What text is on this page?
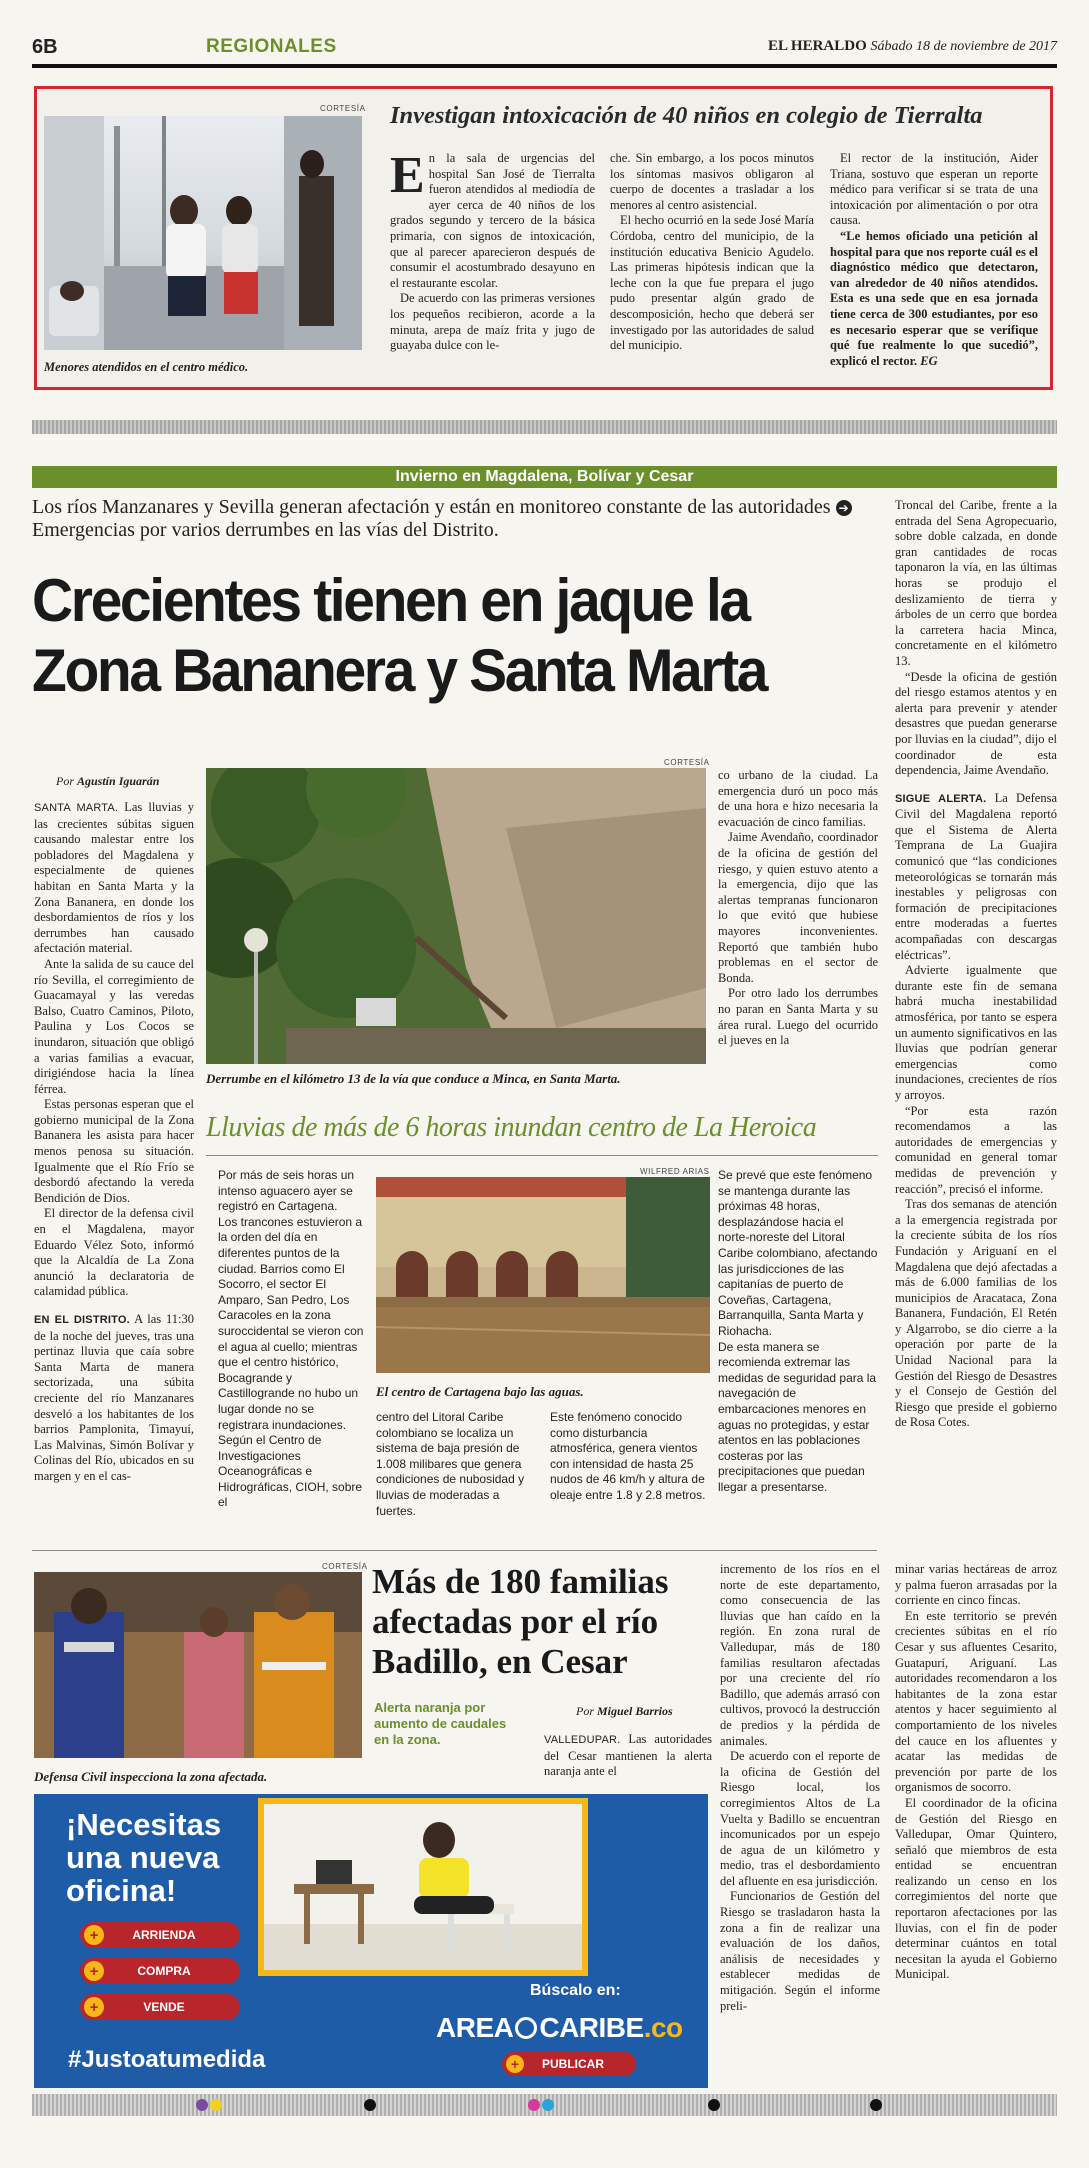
6B	REGIONALES	EL HERALDO Sábado 18 de noviembre de 2017
CORTESÍA
Menores atendidos en el centro médico.
Investigan intoxicación de 40 niños en colegio de Tierralta
E n la sala de urgencias del hospital San José de Tierralta fueron atendidos al mediodía de ayer cerca de 40 niños de los grados segundo y tercero de la básica primaria, con signos de intoxicación, que al parecer aparecieron después de consumir el acostumbrado desayuno en el restaurante escolar.

De acuerdo con las primeras versiones los pequeños recibieron, acorde a la minuta, arepa de maíz frita y jugo de guayaba dulce con le-

che. Sin embargo, a los pocos minutos los síntomas masivos obligaron al cuerpo de docentes a trasladar a los menores al centro asistencial.

El hecho ocurrió en la sede José María Córdoba, centro del municipio, de la institución educativa Benicio Agudelo. Las primeras hipótesis indican que la leche con la que fue prepara el jugo pudo presentar algún grado de descomposición, hecho que deberá ser investigado por las autoridades de salud del municipio.

El rector de la institución, Aider Triana, sostuvo que esperan un reporte médico para verificar si se trata de una intoxicación por alimentación o por otra causa.

“Le hemos oficiado una petición al hospital para que nos reporte cuál es el diagnóstico médico que detectaron, van alrededor de 40 niños atendidos. Esta es una sede que en esa jornada tiene cerca de 300 estudiantes, por eso es necesario esperar que se verifique qué fue realmente lo que sucedió”, explicó el rector. EG

Invierno en Magdalena, Bolívar y Cesar
Los ríos Manzanares y Sevilla generan afectación y están en monitoreo constante de las autoridades ➔ Emergencias por varios derrumbes en las vías del Distrito.
Crecientes tienen en jaque la Zona Bananera y Santa Marta
Por Agustín Iguarán

SANTA MARTA. Las lluvias y las crecientes súbitas siguen causando malestar entre los pobladores del Magdalena y especialmente de quienes habitan en Santa Marta y la Zona Bananera, en donde los desbordamientos de ríos y los derrumbes han causado afectación material.

Ante la salida de su cauce del río Sevilla, el corregimiento de Guacamayal y las veredas Balso, Cuatro Caminos, Piloto, Paulina y Los Cocos se inundaron, situación que obligó a varias familias a evacuar, dirigiéndose hacia la línea férrea.

Estas personas esperan que el gobierno municipal de la Zona Bananera les asista para hacer menos penosa su situación. Igualmente que el Río Frío se desbordó afectando la vereda Bendición de Dios.

El director de la defensa civil en el Magdalena, mayor Eduardo Vélez Soto, informó que la Alcaldía de La Zona anunció la declaratoria de calamidad pública.

EN EL DISTRITO. A las 11:30 de la noche del jueves, tras una pertinaz lluvia que caía sobre Santa Marta de manera sectorizada, una súbita creciente del río Manzanares desveló a los habitantes de los barrios Pamplonita, Timayuí, Las Malvinas, Simón Bolívar y Colinas del Río, ubicados en su margen y en el cas-

CORTESÍA
Derrumbe en el kilómetro 13 de la vía que conduce a Minca, en Santa Marta.

co urbano de la ciudad. La emergencia duró un poco más de una hora e hizo necesaria la evacuación de cinco familias.

Jaime Avendaño, coordinador de la oficina de gestión del riesgo, y quien estuvo atento a la emergencia, dijo que las alertas tempranas funcionaron lo que evitó que hubiese mayores inconvenientes. Reportó que también hubo problemas en el sector de Bonda.

Por otro lado los derrumbes no paran en Santa Marta y su área rural. Luego del ocurrido el jueves en la

Troncal del Caribe, frente a la entrada del Sena Agropecuario, sobre doble calzada, en donde gran cantidades de rocas taponaron la vía, en las últimas horas se produjo el deslizamiento de tierra y árboles de un cerro que bordea la carretera hacia Minca, concretamente en el kilómetro 13.

“Desde la oficina de gestión del riesgo estamos atentos y en alerta para prevenir y atender desastres que puedan generarse por lluvias en la ciudad”, dijo el coordinador de esta dependencia, Jaime Avendaño.

SIGUE ALERTA. La Defensa Civil del Magdalena reportó que el Sistema de Alerta Temprana de La Guajira comunicó que “las condiciones meteorológicas se tornarán más inestables y peligrosas con formación de precipitaciones entre moderadas a fuertes acompañadas con descargas eléctricas”.

Advierte igualmente que durante este fin de semana habrá mucha inestabilidad atmosférica, por tanto se espera un aumento significativos en las lluvias que podrían generar emergencias como inundaciones, crecientes de ríos y arroyos.

“Por esta razón recomendamos a las autoridades de emergencias y comunidad en general tomar medidas de prevención y reacción”, precisó el informe.

Tras dos semanas de atención a la emergencia registrada por la creciente súbita de los ríos Fundación y Ariguaní en el Magdalena que dejó afectadas a más de 6.000 familias de los municipios de Aracataca, Zona Bananera, Fundación, El Retén y Algarrobo, se dio cierre a la operación por parte de la Unidad Nacional para la Gestión del Riesgo de Desastres y el Consejo de Gestión del Riesgo que preside el gobierno de Rosa Cotes.

Lluvias de más de 6 horas inundan centro de La Heroica

Por más de seis horas un intenso aguacero ayer se registró en Cartagena.

Los trancones estuvieron a la orden del día en diferentes puntos de la ciudad. Barrios como El Socorro, el sector El Amparo, San Pedro, Los Caracoles en la zona suroccidental se vieron con el agua al cuello; mientras que el centro histórico, Bocagrande y Castillogrande no hubo un lugar donde no se registrara inundaciones.

Según el Centro de Investigaciones Oceanográficas e Hidrográficas, CIOH, sobre el

WILFRED ARIAS
El centro de Cartagena bajo las aguas.
centro del Litoral Caribe colombiano se localiza un sistema de baja presión de 1.008 milibares que genera condiciones de nubosidad y lluvias de moderadas a fuertes.
Este fenómeno conocido como disturbancia atmosférica, genera vientos con intensidad de hasta 25 nudos de 46 km/h y altura de oleaje entre 1.8 y 2.8 metros.

Se prevé que este fenómeno se mantenga durante las próximas 48 horas, desplazándose hacia el norte-noreste del Litoral Caribe colombiano, afectando las jurisdicciones de las capitanías de puerto de Coveñas, Cartagena, Barranquilla, Santa Marta y Riohacha.

De esta manera se recomienda extremar las medidas de seguridad para la navegación de embarcaciones menores en aguas no protegidas, y estar atentos en las poblaciones costeras por las precipitaciones que puedan llegar a presentarse.

CORTESÍA
Defensa Civil inspecciona la zona afectada.
Más de 180 familias afectadas por el río Badillo, en Cesar
Alerta naranja por aumento de caudales en la zona.
Por Miguel Barrios

VALLEDUPAR. Las autoridades del Cesar mantienen la alerta naranja ante el

incremento de los ríos en el norte de este departamento, como consecuencia de las lluvias que han caído en la región. En zona rural de Valledupar, más de 180 familias resultaron afectadas por una creciente del río Badillo, que además arrasó con cultivos, provocó la destrucción de predios y la pérdida de animales.

De acuerdo con el reporte de la oficina de Gestión del Riesgo local, los corregimientos Altos de La Vuelta y Badillo se encuentran incomunicados por un espejo de agua de un kilómetro y medio, tras el desbordamiento del afluente en esa jurisdicción.

Funcionarios de Gestión del Riesgo se trasladaron hasta la zona a fin de realizar una evaluación de los daños, análisis de necesidades y establecer medidas de mitigación. Según el informe preli-

minar varias hectáreas de arroz y palma fueron arrasadas por la corriente en cinco fincas.

En este territorio se prevén crecientes súbitas en el río Cesar y sus afluentes Cesarito, Guatapurí, Ariguaní. Las autoridades recomendaron a los habitantes de la zona estar atentos y hacer seguimiento al comportamiento de los niveles del cauce en los afluentes y acatar las medidas de prevención por parte de los organismos de socorro.

El coordinador de la oficina de Gestión del Riesgo en Valledupar, Omar Quintero, señaló que miembros de esta entidad se encuentran realizando un censo en los corregimientos del norte que reportaron afectaciones por las lluvias, con el fin de poder determinar cuántos en total necesitan la ayuda el Gobierno Municipal.

¡Necesitas
una nueva
oficina!
+	ARRIENDA
+	COMPRA
+	VENDE
#Justoatumedida
Búscalo en:
AREA CARIBE.co
+	PUBLICAR
